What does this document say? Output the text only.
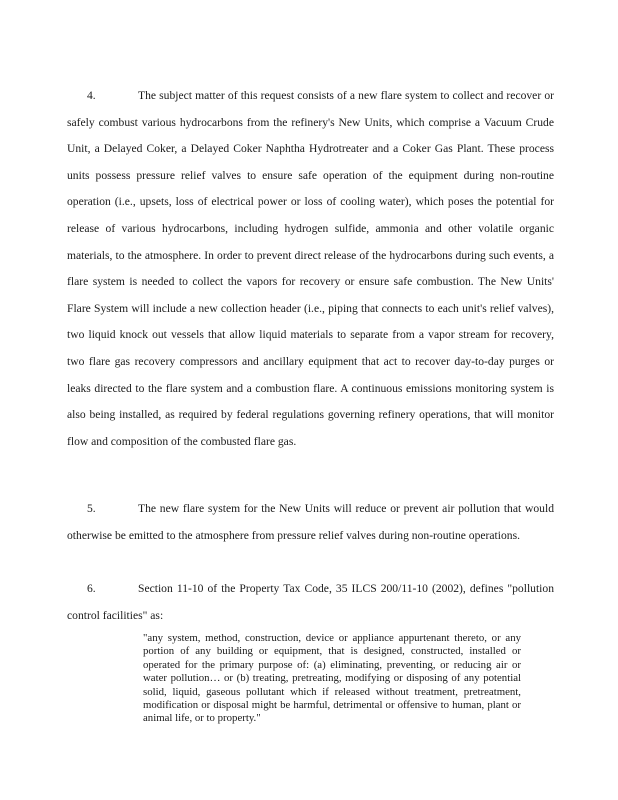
4.	The subject matter of this request consists of a new flare system to collect and recover or safely combust various hydrocarbons from the refinery's New Units, which comprise a Vacuum Crude Unit, a Delayed Coker, a Delayed Coker Naphtha Hydrotreater and a Coker Gas Plant. These process units possess pressure relief valves to ensure safe operation of the equipment during non-routine operation (i.e., upsets, loss of electrical power or loss of cooling water), which poses the potential for release of various hydrocarbons, including hydrogen sulfide, ammonia and other volatile organic materials, to the atmosphere. In order to prevent direct release of the hydrocarbons during such events, a flare system is needed to collect the vapors for recovery or ensure safe combustion. The New Units' Flare System will include a new collection header (i.e., piping that connects to each unit's relief valves), two liquid knock out vessels that allow liquid materials to separate from a vapor stream for recovery, two flare gas recovery compressors and ancillary equipment that act to recover day-to-day purges or leaks directed to the flare system and a combustion flare. A continuous emissions monitoring system is also being installed, as required by federal regulations governing refinery operations, that will monitor flow and composition of the combusted flare gas.
5.	The new flare system for the New Units will reduce or prevent air pollution that would otherwise be emitted to the atmosphere from pressure relief valves during non-routine operations.
6.	Section 11-10 of the Property Tax Code, 35 ILCS 200/11-10 (2002), defines "pollution control facilities" as:
"any system, method, construction, device or appliance appurtenant thereto, or any portion of any building or equipment, that is designed, constructed, installed or operated for the primary purpose of: (a) eliminating, preventing, or reducing air or water pollution… or (b) treating, pretreating, modifying or disposing of any potential solid, liquid, gaseous pollutant which if released without treatment, pretreatment, modification or disposal might be harmful, detrimental or offensive to human, plant or animal life, or to property."
